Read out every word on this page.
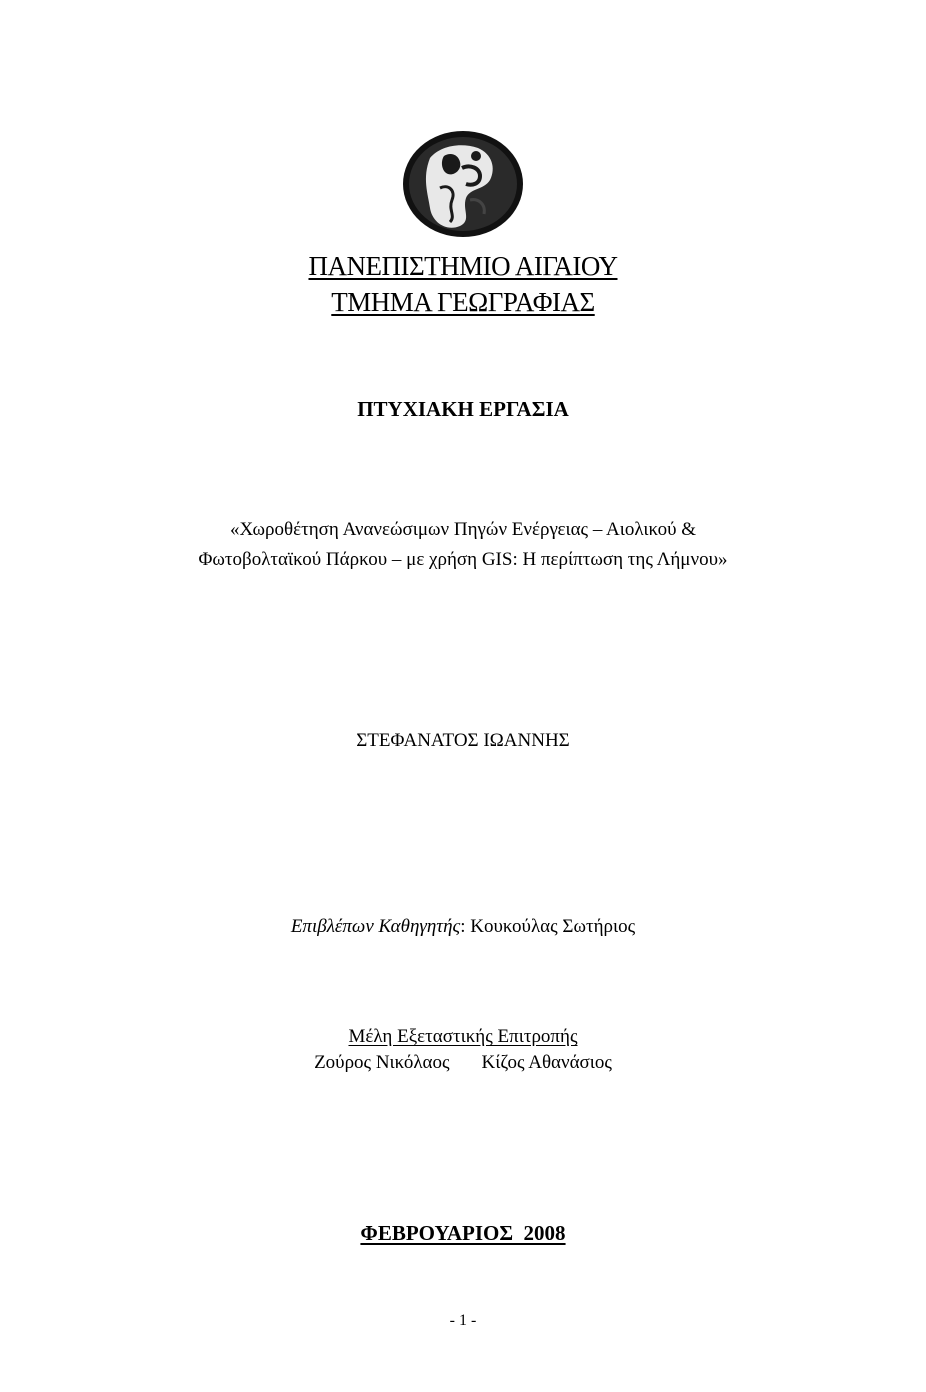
ΠΑΝΕΠΙΣΤΗΜΙΟ ΑΙΓΑΙΟΥ
ΤΜΗΜΑ ΓΕΩΓΡΑΦΙΑΣ
ΠΤΥΧΙΑΚΗ ΕΡΓΑΣΙΑ
«Χωροθέτηση Ανανεώσιμων Πηγών Ενέργειας – Αιολικού &
Φωτοβολταϊκού Πάρκου – με χρήση GIS: Η περίπτωση της Λήμνου»
ΣΤΕΦΑΝΑΤΟΣ ΙΩΑΝΝΗΣ
Επιβλέπων Καθηγητής: Κουκούλας Σωτήριος
Μέλη Εξεταστικής Επιτροπής
Ζούρος Νικόλαος Κίζος Αθανάσιος
ΦΕΒΡΟΥΑΡΙΟΣ  2008
- 1 -
